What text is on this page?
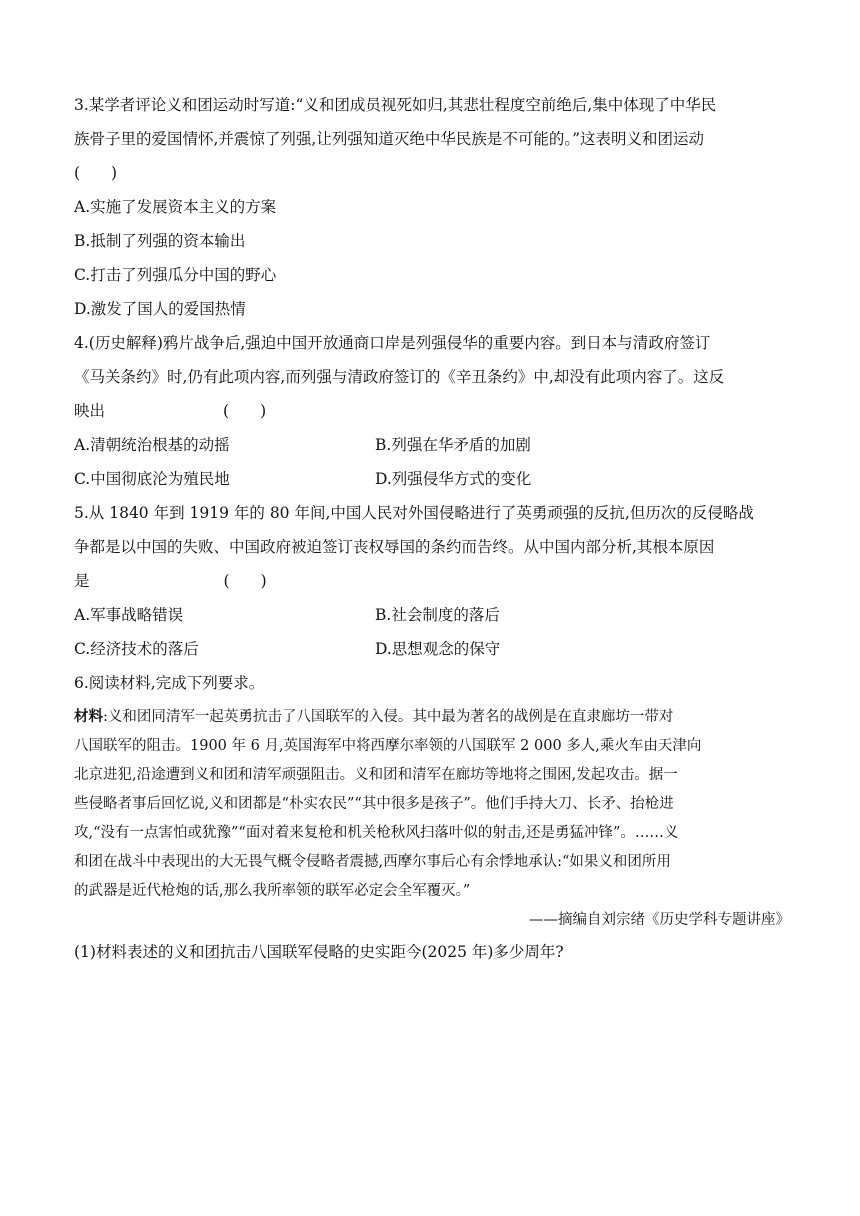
3.某学者评论义和团运动时写道:“义和团成员视死如归,其悲壮程度空前绝后,集中体现了中华民
族骨子里的爱国情怀,并震惊了列强,让列强知道灭绝中华民族是不可能的。”这表明义和团运动
(　　)
A.实施了发展资本主义的方案
B.抵制了列强的资本输出
C.打击了列强瓜分中国的野心
D.激发了国人的爱国热情
4.(历史解释)鸦片战争后,强迫中国开放通商口岸是列强侵华的重要内容。到日本与清政府签订
《马关条约》时,仍有此项内容,而列强与清政府签订的《辛丑条约》中,却没有此项内容了。这反
映出	(　　)
A.清朝统治根基的动摇	B.列强在华矛盾的加剧
C.中国彻底沦为殖民地	D.列强侵华方式的变化
5.从 1840 年到 1919 年的 80 年间,中国人民对外国侵略进行了英勇顽强的反抗,但历次的反侵略战
争都是以中国的失败、中国政府被迫签订丧权辱国的条约而告终。从中国内部分析,其根本原因
是	(　　)
A.军事战略错误	B.社会制度的落后
C.经济技术的落后	D.思想观念的保守
6.阅读材料,完成下列要求。
材料:义和团同清军一起英勇抗击了八国联军的入侵。其中最为著名的战例是在直隶廊坊一带对
八国联军的阻击。1900 年 6 月,英国海军中将西摩尔率领的八国联军 2 000 多人,乘火车由天津向
北京进犯,沿途遭到义和团和清军顽强阻击。义和团和清军在廊坊等地将之围困,发起攻击。据一
些侵略者事后回忆说,义和团都是“朴实农民”“其中很多是孩子”。他们手持大刀、长矛、抬枪进
攻,“没有一点害怕或犹豫”“面对着来复枪和机关枪秋风扫落叶似的射击,还是勇猛冲锋”。……义
和团在战斗中表现出的大无畏气概令侵略者震撼,西摩尔事后心有余悸地承认:“如果义和团所用
的武器是近代枪炮的话,那么我所率领的联军必定会全军覆灭。”
——摘编自刘宗绪《历史学科专题讲座》
(1)材料表述的义和团抗击八国联军侵略的史实距今(2025 年)多少周年?
